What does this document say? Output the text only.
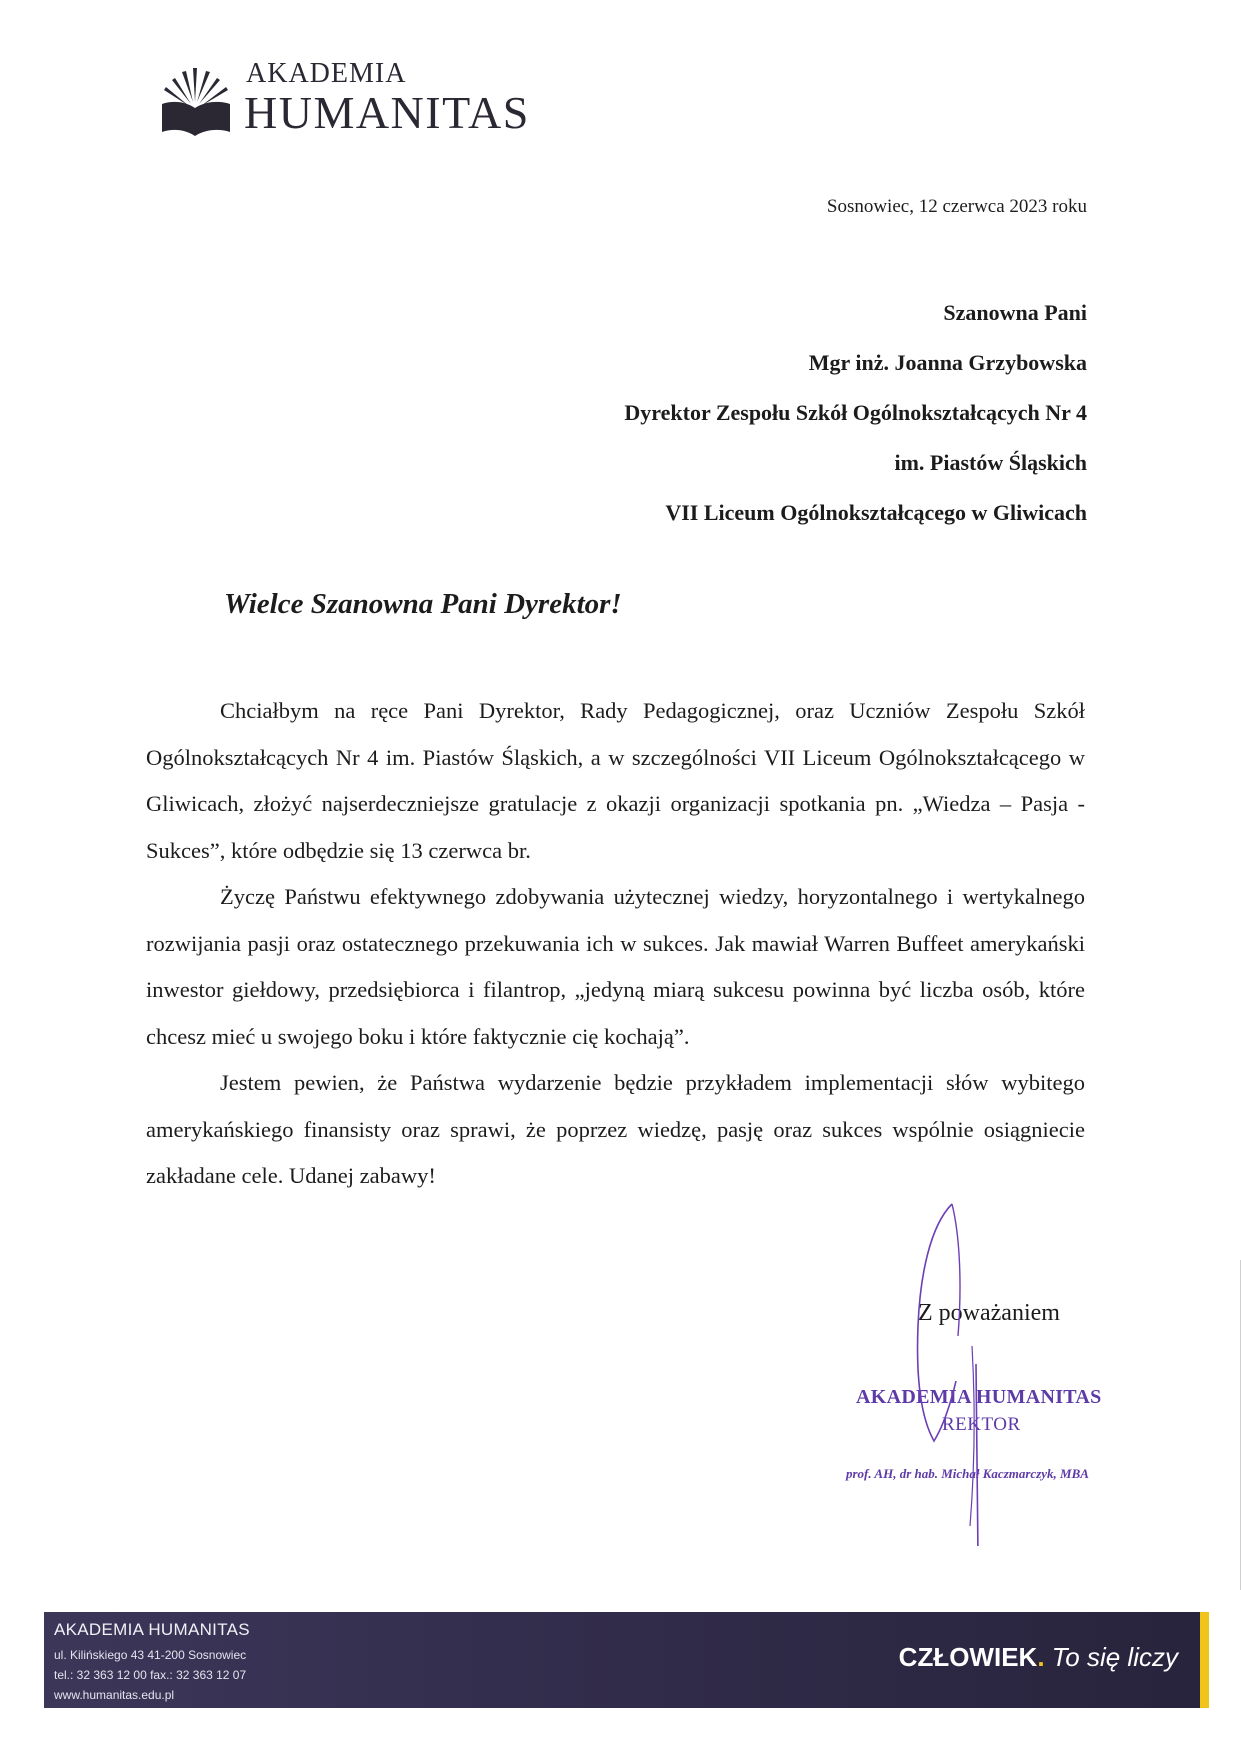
AKADEMIA
HUMANITAS
Sosnowiec, 12 czerwca 2023 roku
Szanowna Pani
Mgr inż. Joanna Grzybowska
Dyrektor Zespołu Szkół Ogólnokształcących Nr 4
im. Piastów Śląskich
VII Liceum Ogólnokształcącego w Gliwicach
Wielce Szanowna Pani Dyrektor!

Chciałbym na ręce Pani Dyrektor, Rady Pedagogicznej, oraz Uczniów Zespołu Szkół Ogólnokształcących Nr 4 im. Piastów Śląskich, a w szczególności VII Liceum Ogólnokształcącego w Gliwicach, złożyć najserdeczniejsze gratulacje z okazji organizacji spotkania pn. „Wiedza – Pasja - Sukces”, które odbędzie się 13 czerwca br.

Życzę Państwu efektywnego zdobywania użytecznej wiedzy, horyzontalnego i wertykalnego rozwijania pasji oraz ostatecznego przekuwania ich w sukces. Jak mawiał Warren Buffeet amerykański inwestor giełdowy, przedsiębiorca i filantrop, „jedyną miarą sukcesu powinna być liczba osób, które chcesz mieć u swojego boku i które faktycznie cię kochają”.

Jestem pewien, że Państwa wydarzenie będzie przykładem implementacji słów wybitego amerykańskiego finansisty oraz sprawi, że poprzez wiedzę, pasję oraz sukces wspólnie osiągniecie zakładane cele. Udanej zabawy!

Z poważaniem
AKADEMIA HUMANITAS
REKTOR
prof. AH, dr hab. Michał Kaczmarczyk, MBA
AKADEMIA HUMANITAS
ul. Kilińskiego 43 41-200 Sosnowiec
tel.: 32 363 12 00 fax.: 32 363 12 07
www.humanitas.edu.pl
CZŁOWIEK. To się liczy
